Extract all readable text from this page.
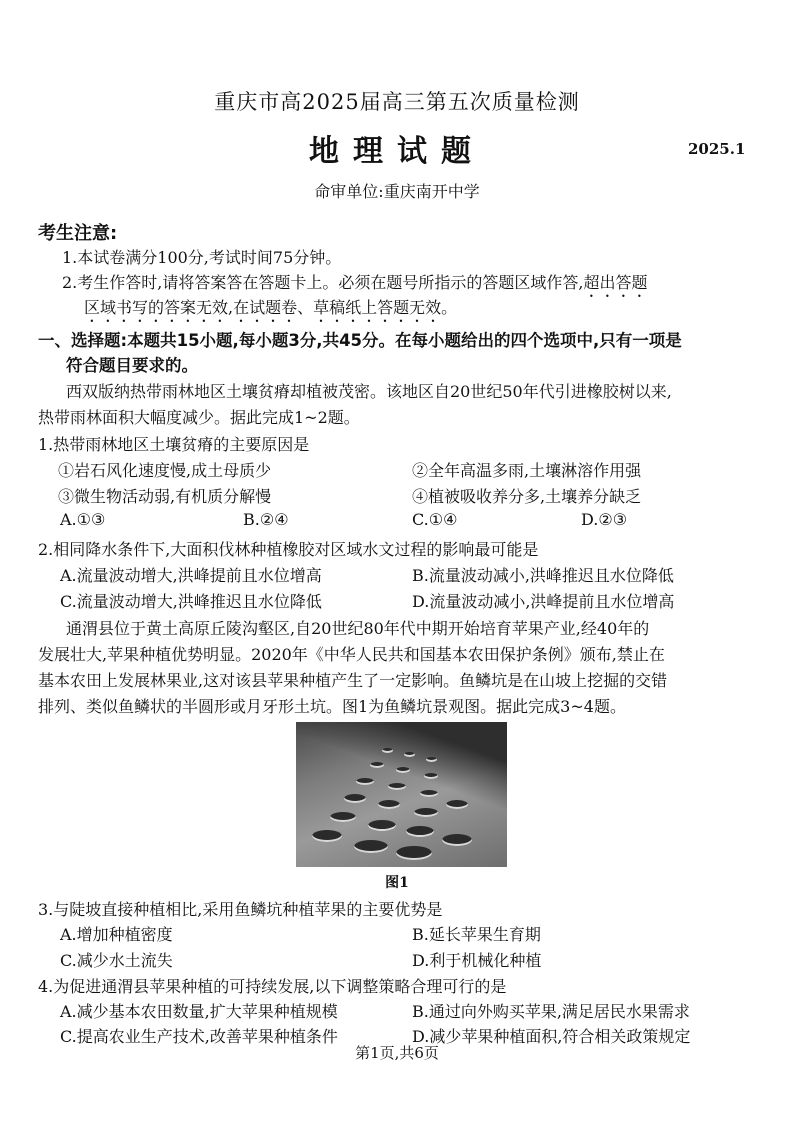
重庆市高2025届高三第五次质量检测
地理试题	2025.1
命审单位:重庆南开中学
考生注意:
1.本试卷满分100分,考试时间75分钟。
2.考生作答时,请将答案答在答题卡上。必须在题号所指示的答题区域作答,超出答题
区域书写的答案无效,在试题卷、草稿纸上答题无效。
一、选择题:本题共15小题,每小题3分,共45分。在每小题给出的四个选项中,只有一项是
符合题目要求的。
西双版纳热带雨林地区土壤贫瘠却植被茂密。该地区自20世纪50年代引进橡胶树以来,
热带雨林面积大幅度减少。据此完成1~2题。
1.热带雨林地区土壤贫瘠的主要原因是
①岩石风化速度慢,成土母质少	②全年高温多雨,土壤淋溶作用强
③微生物活动弱,有机质分解慢	④植被吸收养分多,土壤养分缺乏
A.①③	B.②④	C.①④	D.②③
2.相同降水条件下,大面积伐林种植橡胶对区域水文过程的影响最可能是
A.流量波动增大,洪峰提前且水位增高	B.流量波动减小,洪峰推迟且水位降低
C.流量波动增大,洪峰推迟且水位降低	D.流量波动减小,洪峰提前且水位增高
通渭县位于黄土高原丘陵沟壑区,自20世纪80年代中期开始培育苹果产业,经40年的
发展壮大,苹果种植优势明显。2020年《中华人民共和国基本农田保护条例》颁布,禁止在
基本农田上发展林果业,这对该县苹果种植产生了一定影响。鱼鳞坑是在山坡上挖掘的交错
排列、类似鱼鳞状的半圆形或月牙形土坑。图1为鱼鳞坑景观图。据此完成3~4题。
图1
3.与陡坡直接种植相比,采用鱼鳞坑种植苹果的主要优势是
A.增加种植密度	B.延长苹果生育期
C.减少水土流失	D.利于机械化种植
4.为促进通渭县苹果种植的可持续发展,以下调整策略合理可行的是
A.减少基本农田数量,扩大苹果种植规模	B.通过向外购买苹果,满足居民水果需求
C.提高农业生产技术,改善苹果种植条件	D.减少苹果种植面积,符合相关政策规定
第1页,共6页
